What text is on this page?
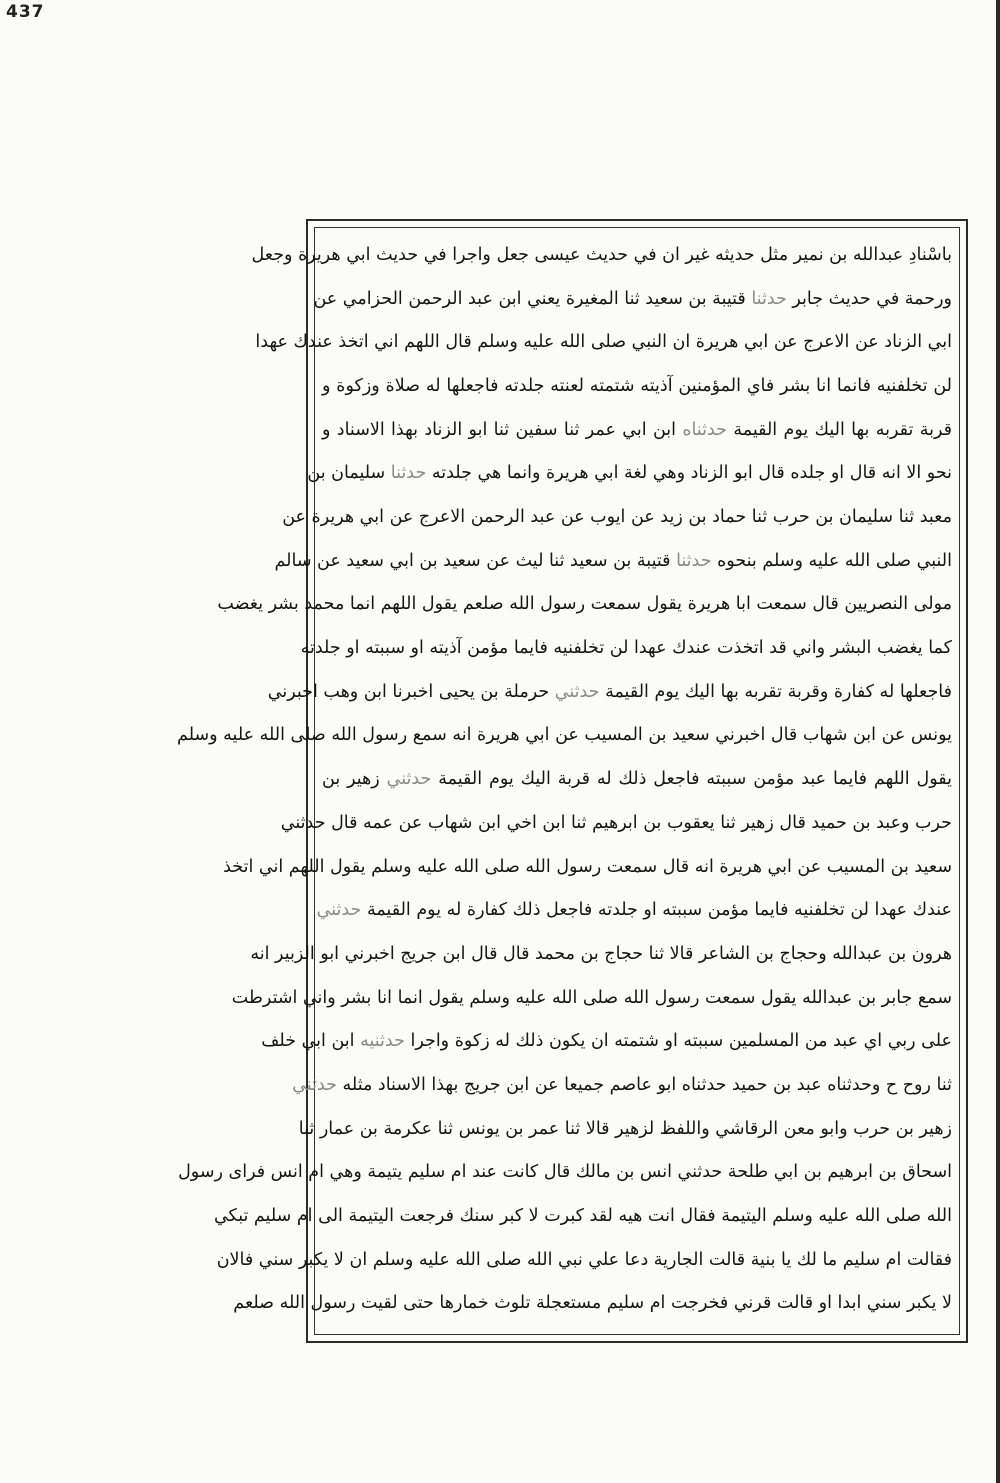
437
باسْنادِ عبدالله بن نمير مثل حديثه غير ان في حديث عيسى جعل واجرا في حديث ابي هريرة وجعل
ورحمة في حديث جابر حدثنا قتيبة بن سعيد ثنا المغيرة يعني ابن عبد الرحمن الحزامي عن
ابي الزناد عن الاعرج عن ابي هريرة ان النبي صلى الله عليه وسلم قال اللهم اني اتخذ عندك عهدا
لن تخلفنيه فانما انا بشر فاي المؤمنين آذيته شتمته لعنته جلدته فاجعلها له صلاة وزكوة و
قربة تقربه بها اليك يوم القيمة حدثناه ابن ابي عمر ثنا سفين ثنا ابو الزناد بهذا الاسناد و
نحو الا انه قال او جلده قال ابو الزناد وهي لغة ابي هريرة وانما هي جلدته حدثنا سليمان بن
معبد ثنا سليمان بن حرب ثنا حماد بن زيد عن ايوب عن عبد الرحمن الاعرج عن ابي هريرة عن
النبي صلى الله عليه وسلم بنحوه حدثنا قتيبة بن سعيد ثنا ليث عن سعيد بن ابي سعيد عن سالم
مولى النصريين قال سمعت ابا هريرة يقول سمعت رسول الله صلعم يقول اللهم انما محمد بشر يغضب
كما يغضب البشر واني قد اتخذت عندك عهدا لن تخلفنيه فايما مؤمن آذيته او سببته او جلدته
فاجعلها له كفارة وقربة تقربه بها اليك يوم القيمة حدثني حرملة بن يحيى اخبرنا ابن وهب اخبرني
يونس عن ابن شهاب قال اخبرني سعيد بن المسيب عن ابي هريرة انه سمع رسول الله صلى الله عليه وسلم
يقول اللهم فايما عبد مؤمن سببته فاجعل ذلك له قربة اليك يوم القيمة حدثني زهير بن
حرب وعبد بن حميد قال زهير ثنا يعقوب بن ابرهيم ثنا ابن اخي ابن شهاب عن عمه قال حدثني
سعيد بن المسيب عن ابي هريرة انه قال سمعت رسول الله صلى الله عليه وسلم يقول اللهم اني اتخذ
عندك عهدا لن تخلفنيه فايما مؤمن سببته او جلدته فاجعل ذلك كفارة له يوم القيمة حدثني
هرون بن عبدالله وحجاج بن الشاعر قالا ثنا حجاج بن محمد قال قال ابن جريج اخبرني ابو الزبير انه
سمع جابر بن عبدالله يقول سمعت رسول الله صلى الله عليه وسلم يقول انما انا بشر واني اشترطت
على ربي اي عبد من المسلمين سببته او شتمته ان يكون ذلك له زكوة واجرا حدثنيه ابن ابي خلف
ثنا روح ح وحدثناه عبد بن حميد حدثناه ابو عاصم جميعا عن ابن جريج بهذا الاسناد مثله حدثني
زهير بن حرب وابو معن الرقاشي واللفظ لزهير قالا ثنا عمر بن يونس ثنا عكرمة بن عمار ثنا
اسحاق بن ابرهيم بن ابي طلحة حدثني انس بن مالك قال كانت عند ام سليم يتيمة وهي ام انس فراى رسول
الله صلى الله عليه وسلم اليتيمة فقال انت هيه لقد كبرت لا كبر سنك فرجعت اليتيمة الى ام سليم تبكي
فقالت ام سليم ما لك يا بنية قالت الجارية دعا علي نبي الله صلى الله عليه وسلم ان لا يكبر سني فالان
لا يكبر سني ابدا او قالت قرني فخرجت ام سليم مستعجلة تلوث خمارها حتى لقيت رسول الله صلعم
